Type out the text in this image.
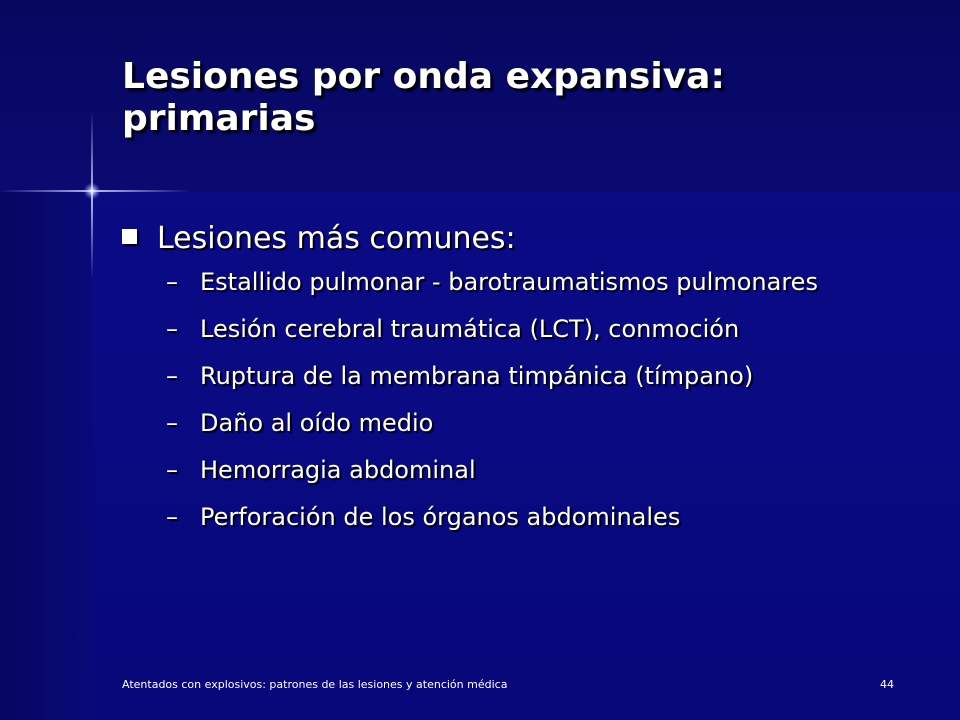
Lesiones por onda expansiva: primarias
Lesiones más comunes:
– Estallido pulmonar - barotraumatismos pulmonares
– Lesión cerebral traumática (LCT), conmoción
– Ruptura de la membrana timpánica (tímpano)
– Daño al oído medio
– Hemorragia abdominal
– Perforación de los órganos abdominales
Atentados con explosivos: patrones de las lesiones y atención médica	44
